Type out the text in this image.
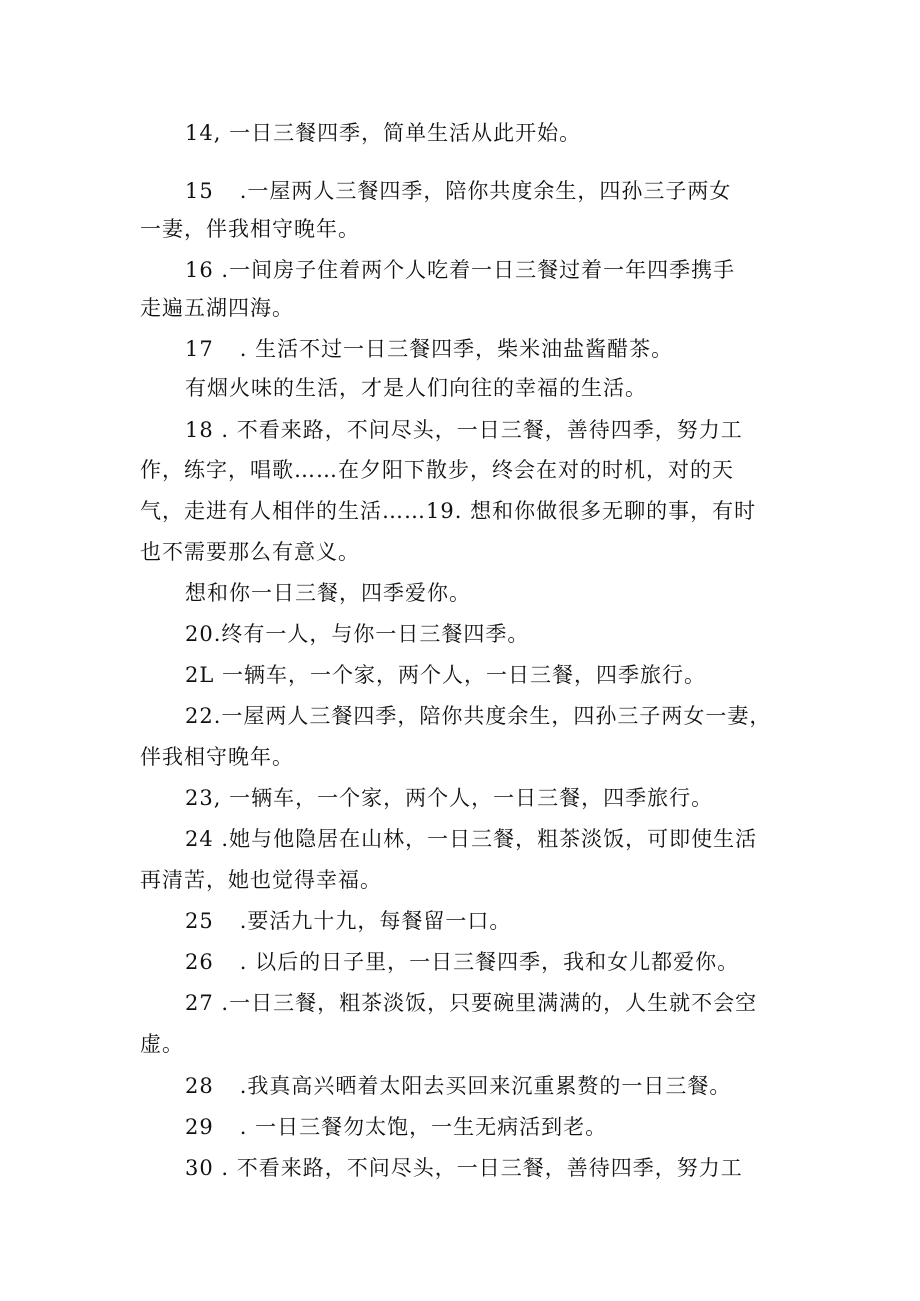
14, 一日三餐四季，简单生活从此开始。
15 .一屋两人三餐四季，陪你共度余生，四孙三子两女
一妻，伴我相守晚年。
16 .一间房子住着两个人吃着一日三餐过着一年四季携手
走遍五湖四海。
17 . 生活不过一日三餐四季，柴米油盐酱醋茶。
有烟火味的生活，才是人们向往的幸福的生活。
18 . 不看来路，不问尽头，一日三餐，善待四季，努力工
作，练字，唱歌……在夕阳下散步，终会在对的时机，对的天
气，走进有人相伴的生活……19. 想和你做很多无聊的事，有时
也不需要那么有意义。
想和你一日三餐，四季爱你。
20.终有一人，与你一日三餐四季。
2L 一辆车，一个家，两个人，一日三餐，四季旅行。
22.一屋两人三餐四季，陪你共度余生，四孙三子两女一妻，
伴我相守晚年。
23, 一辆车，一个家，两个人，一日三餐，四季旅行。
24 .她与他隐居在山林，一日三餐，粗茶淡饭，可即使生活
再清苦，她也觉得幸福。
25 .要活九十九，每餐留一口。
26 . 以后的日子里，一日三餐四季，我和女儿都爱你。
27 .一日三餐，粗茶淡饭，只要碗里满满的，人生就不会空
虚。
28 .我真高兴晒着太阳去买回来沉重累赘的一日三餐。
29 . 一日三餐勿太饱，一生无病活到老。
30 . 不看来路，不问尽头，一日三餐，善待四季，努力工
